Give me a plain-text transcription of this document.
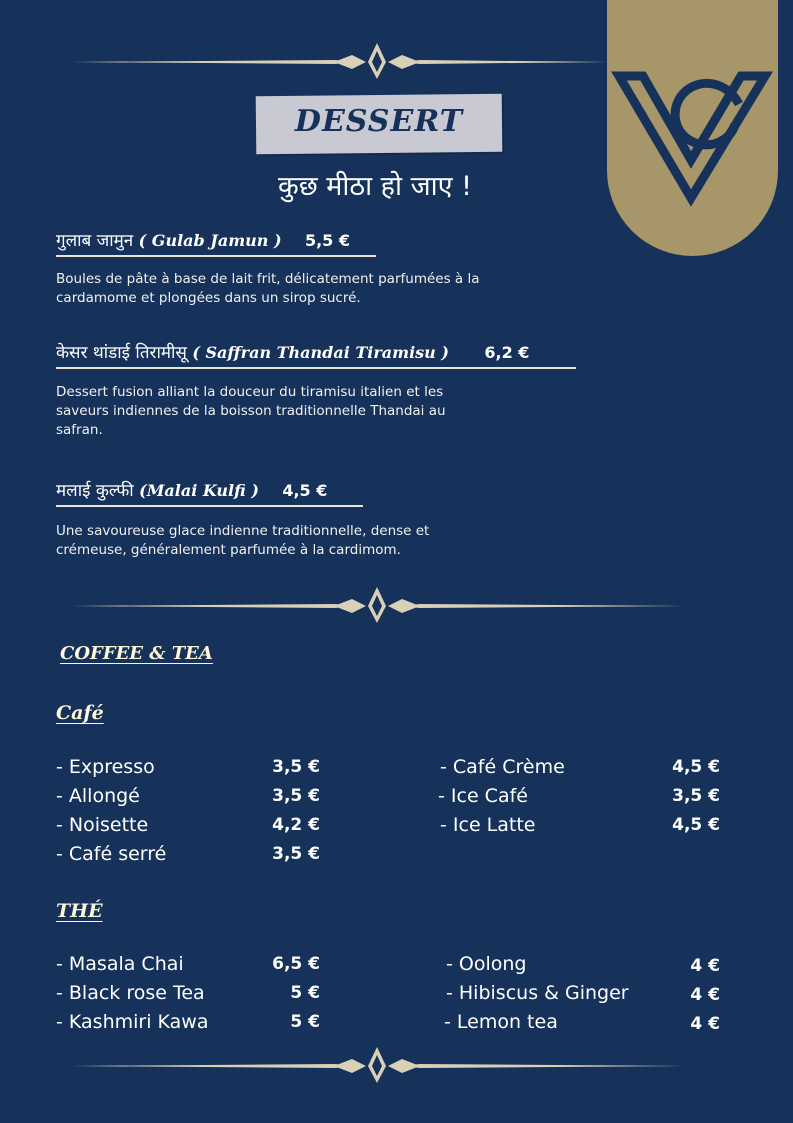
DESSERT
कुछ मीठा हो जाए !
गुलाब जामुन ( Gulab Jamun ) 5,5 €
Boules de pâte à base de lait frit, délicatement parfumées à la cardamome et plongées dans un sirop sucré.
केसर थांडाई तिरामीसू ( Saffran Thandai Tiramisu ) 6,2 €
Dessert fusion alliant la douceur du tiramisu italien et les saveurs indiennes de la boisson traditionnelle Thandai au safran.
मलाई कुल्फी (Malai Kulfi ) 4,5 €
Une savoureuse glace indienne traditionnelle, dense et crémeuse, généralement parfumée à la cardimom.
COFFEE & TEA
Café
- Expresso	3,5 €
- Allongé	3,5 €
- Noisette	4,2 €
- Café serré	3,5 €
- Café Crème	4,5 €
- Ice Café	3,5 €
- Ice Latte	4,5 €
THÉ
- Masala Chai	6,5 €
- Black rose Tea	5 €
- Kashmiri Kawa	5 €
- Oolong	4 €
- Hibiscus & Ginger	4 €
- Lemon tea	4 €
